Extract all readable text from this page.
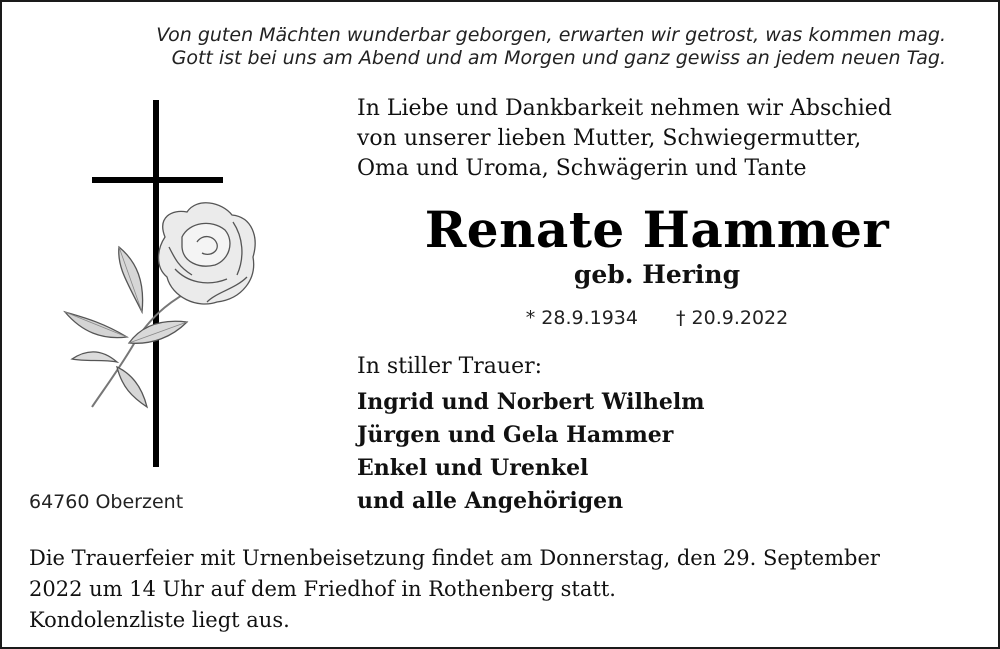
Von guten Mächten wunderbar geborgen, erwarten wir getrost, was kommen mag.
Gott ist bei uns am Abend und am Morgen und ganz gewiss an jedem neuen Tag.
In Liebe und Dankbarkeit nehmen wir Abschied
von unserer lieben Mutter, Schwiegermutter,
Oma und Uroma, Schwägerin und Tante
Renate Hammer
geb. Hering
* 28.9.1934 † 20.9.2022
In stiller Trauer:
Ingrid und Norbert Wilhelm
Jürgen und Gela Hammer
Enkel und Urenkel
und alle Angehörigen
64760 Oberzent
Die Trauerfeier mit Urnenbeisetzung findet am Donnerstag, den 29. September
2022 um 14 Uhr auf dem Friedhof in Rothenberg statt.
Kondolenzliste liegt aus.
